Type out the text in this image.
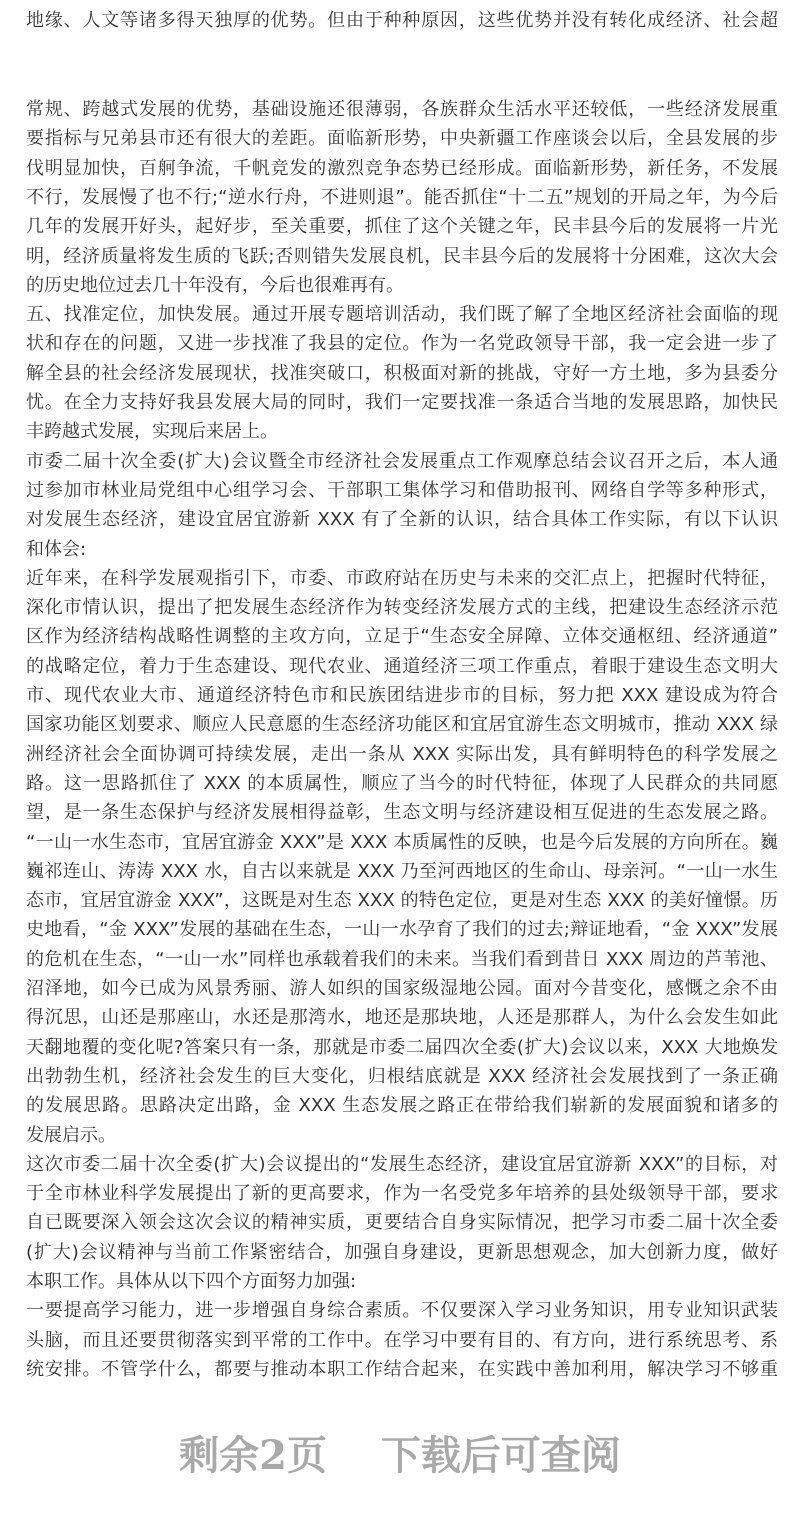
地缘、人文等诸多得天独厚的优势。但由于种种原因，这些优势并没有转化成经济、社会超
常规、跨越式发展的优势，基础设施还很薄弱，各族群众生活水平还较低，一些经济发展重
要指标与兄弟县市还有很大的差距。面临新形势，中央新疆工作座谈会以后，全县发展的步
伐明显加快，百舸争流，千帆竞发的激烈竞争态势已经形成。面临新形势，新任务，不发展
不行，发展慢了也不行;“逆水行舟，不进则退”。能否抓住“十二五”规划的开局之年，为今后
几年的发展开好头，起好步，至关重要，抓住了这个关键之年，民丰县今后的发展将一片光
明，经济质量将发生质的飞跃;否则错失发展良机，民丰县今后的发展将十分困难，这次大会
的历史地位过去几十年没有，今后也很难再有。
五、找准定位，加快发展。通过开展专题培训活动，我们既了解了全地区经济社会面临的现
状和存在的问题，又进一步找准了我县的定位。作为一名党政领导干部，我一定会进一步了
解全县的社会经济发展现状，找准突破口，积极面对新的挑战，守好一方土地，多为县委分
忧。在全力支持好我县发展大局的同时，我们一定要找准一条适合当地的发展思路，加快民
丰跨越式发展，实现后来居上。
市委二届十次全委(扩大)会议暨全市经济社会发展重点工作观摩总结会议召开之后，本人通
过参加市林业局党组中心组学习会、干部职工集体学习和借助报刊、网络自学等多种形式，
对发展生态经济，建设宜居宜游新 XXX 有了全新的认识，结合具体工作实际，有以下认识
和体会:
近年来，在科学发展观指引下，市委、市政府站在历史与未来的交汇点上，把握时代特征，
深化市情认识，提出了把发展生态经济作为转变经济发展方式的主线，把建设生态经济示范
区作为经济结构战略性调整的主攻方向，立足于“生态安全屏障、立体交通枢纽、经济通道”
的战略定位，着力于生态建设、现代农业、通道经济三项工作重点，着眼于建设生态文明大
市、现代农业大市、通道经济特色市和民族团结进步市的目标，努力把 XXX 建设成为符合
国家功能区划要求、顺应人民意愿的生态经济功能区和宜居宜游生态文明城市，推动 XXX 绿
洲经济社会全面协调可持续发展，走出一条从 XXX 实际出发，具有鲜明特色的科学发展之
路。这一思路抓住了 XXX 的本质属性，顺应了当今的时代特征，体现了人民群众的共同愿
望，是一条生态保护与经济发展相得益彰，生态文明与经济建设相互促进的生态发展之路。
“一山一水生态市，宜居宜游金 XXX”是 XXX 本质属性的反映，也是今后发展的方向所在。巍
巍祁连山、涛涛 XXX 水，自古以来就是 XXX 乃至河西地区的生命山、母亲河。“一山一水生
态市，宜居宜游金 XXX”，这既是对生态 XXX 的特色定位，更是对生态 XXX 的美好憧憬。历
史地看，“金 XXX”发展的基础在生态，一山一水孕育了我们的过去;辩证地看，“金 XXX”发展
的危机在生态，“一山一水”同样也承载着我们的未来。当我们看到昔日 XXX 周边的芦苇池、
沼泽地，如今已成为风景秀丽、游人如织的国家级湿地公园。面对今昔变化，感慨之余不由
得沉思，山还是那座山，水还是那湾水，地还是那块地，人还是那群人，为什么会发生如此
天翻地覆的变化呢?答案只有一条，那就是市委二届四次全委(扩大)会议以来，XXX 大地焕发
出勃勃生机，经济社会发生的巨大变化，归根结底就是 XXX 经济社会发展找到了一条正确
的发展思路。思路决定出路，金 XXX 生态发展之路正在带给我们崭新的发展面貌和诸多的
发展启示。
这次市委二届十次全委(扩大)会议提出的“发展生态经济，建设宜居宜游新 XXX”的目标，对
于全市林业科学发展提出了新的更高要求，作为一名受党多年培养的县处级领导干部，要求
自已既要深入领会这次会议的精神实质，更要结合自身实际情况，把学习市委二届十次全委
(扩大)会议精神与当前工作紧密结合，加强自身建设，更新思想观念，加大创新力度，做好
本职工作。具体从以下四个方面努力加强:
一要提高学习能力，进一步增强自身综合素质。不仅要深入学习业务知识，用专业知识武装
头脑，而且还要贯彻落实到平常的工作中。在学习中要有目的、有方向，进行系统思考、系
统安排。不管学什么，都要与推动本职工作结合起来，在实践中善加利用，解决学习不够重
剩余2页 下载后可查阅
